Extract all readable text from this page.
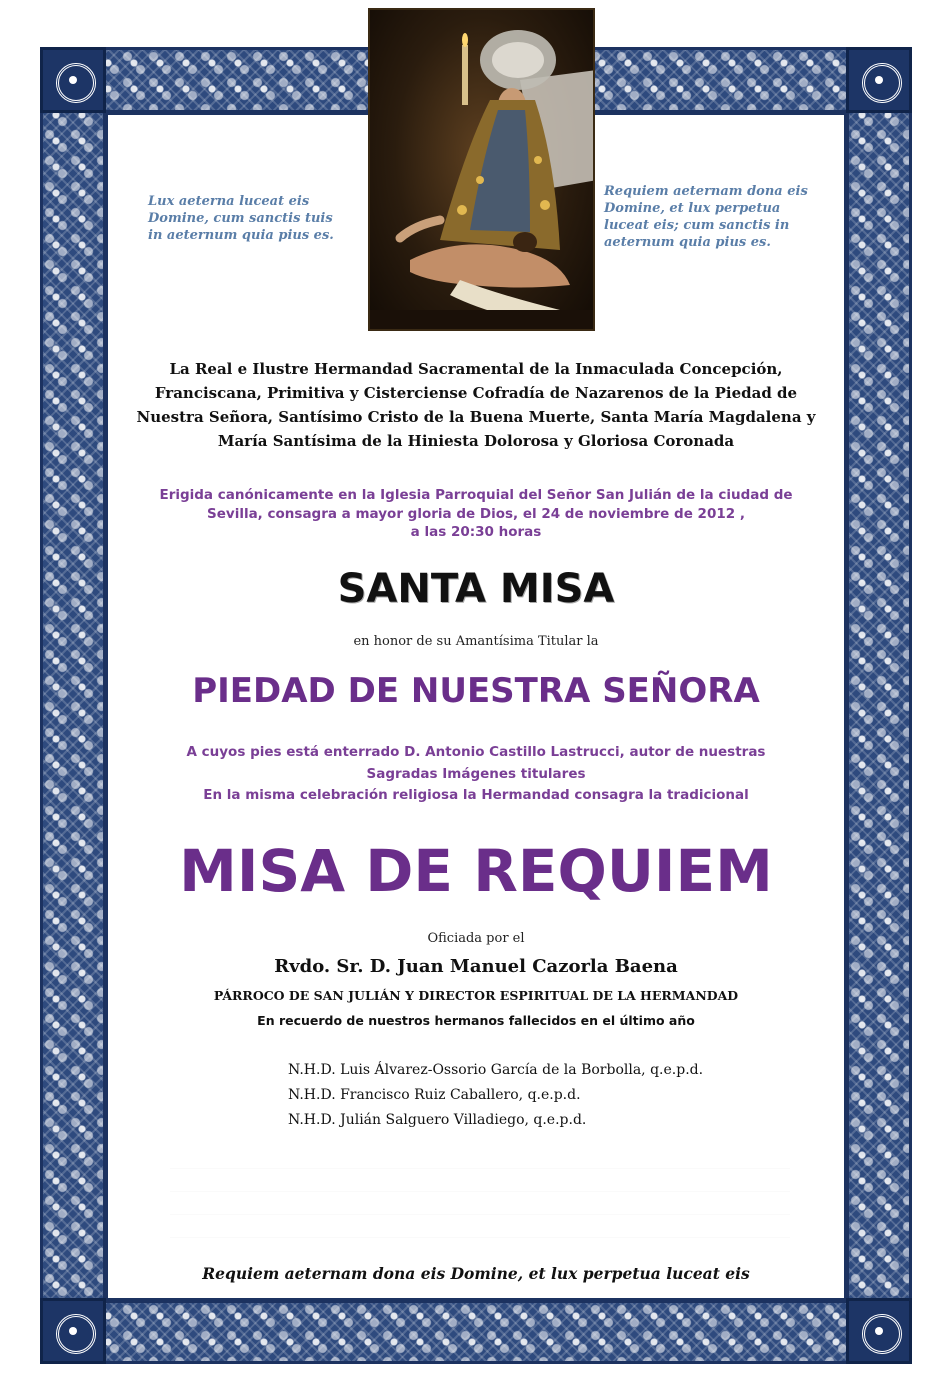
Lux aeterna luceat eis
Domine, cum sanctis tuis
in aeternum quia pius es.
Requiem aeternam dona eis
Domine, et lux perpetua
luceat eis; cum sanctis in
aeternum quia pius es.
La Real e Ilustre Hermandad Sacramental de la Inmaculada Concepción,
Franciscana, Primitiva y Cisterciense Cofradía de Nazarenos de la Piedad de
Nuestra Señora, Santísimo Cristo de la Buena Muerte, Santa María Magdalena y
María Santísima de la Hiniesta Dolorosa y Gloriosa Coronada
Erigida canónicamente en la Iglesia Parroquial del Señor San Julián de la ciudad de
Sevilla, consagra a mayor gloria de Dios, el 24 de noviembre de 2012 ,
a las 20:30 horas
SANTA MISA
en honor de su Amantísima Titular la
PIEDAD DE NUESTRA SEÑORA
A cuyos pies está enterrado D. Antonio Castillo Lastrucci, autor de nuestras
Sagradas Imágenes titulares
En la misma celebración religiosa la Hermandad consagra la tradicional
MISA DE REQUIEM
Oficiada por el
Rvdo. Sr. D. Juan Manuel Cazorla Baena
PÁRROCO DE SAN JULIÁN Y DIRECTOR ESPIRITUAL DE LA HERMANDAD
En recuerdo de nuestros hermanos fallecidos en el último año
N.H.D. Luis Álvarez-Ossorio García de la Borbolla, q.e.p.d.
N.H.D. Francisco Ruiz Caballero, q.e.p.d.
N.H.D. Julián Salguero Villadiego, q.e.p.d.
Requiem aeternam dona eis Domine, et lux perpetua luceat eis
